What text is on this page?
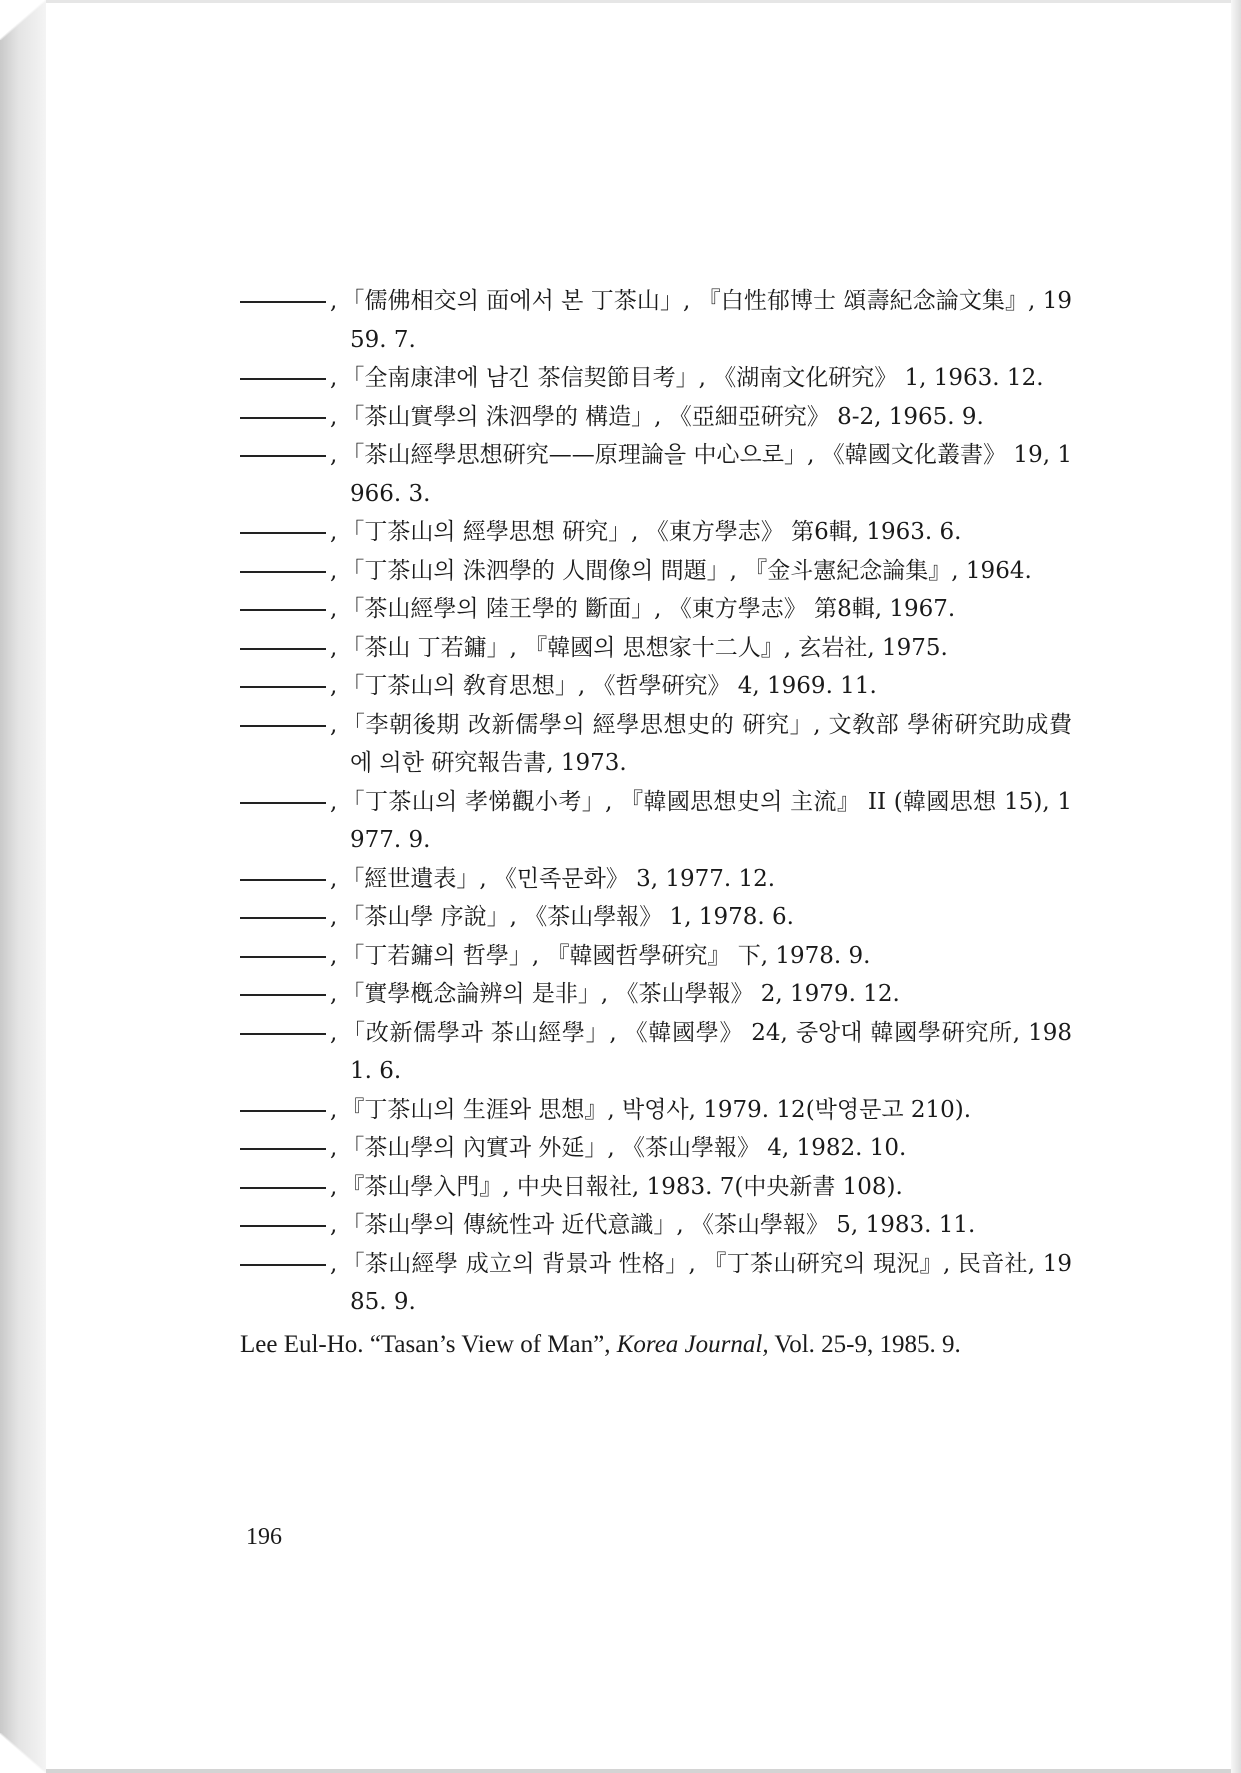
, 「儒佛相交의 面에서 본 丁茶山」, 『白性郁博士 頌壽紀念論文集』, 1959. 7.
, 「全南康津에 남긴 茶信契節目考」, 《湖南文化硏究》 1, 1963. 12.
, 「茶山實學의 洙泗學的 構造」, 《亞細亞硏究》 8-2, 1965. 9.
, 「茶山經學思想硏究——原理論을 中心으로」, 《韓國文化叢書》 19, 1966. 3.
, 「丁茶山의 經學思想 硏究」, 《東方學志》 第6輯, 1963. 6.
, 「丁茶山의 洙泗學的 人間像의 問題」, 『金斗憲紀念論集』, 1964.
, 「茶山經學의 陸王學的 斷面」, 《東方學志》 第8輯, 1967.
, 「茶山 丁若鏞」, 『韓國의 思想家十二人』, 玄岩社, 1975.
, 「丁茶山의 敎育思想」, 《哲學硏究》 4, 1969. 11.
, 「李朝後期 改新儒學의 經學思想史的 硏究」, 文敎部 學術硏究助成費에 의한 硏究報告書, 1973.
, 「丁茶山의 孝悌觀小考」, 『韓國思想史의 主流』 II (韓國思想 15), 1977. 9.
, 「經世遺表」, 《민족문화》 3, 1977. 12.
, 「茶山學 序說」, 《茶山學報》 1, 1978. 6.
, 「丁若鏞의 哲學」, 『韓國哲學硏究』 下, 1978. 9.
, 「實學槪念論辨의 是非」, 《茶山學報》 2, 1979. 12.
, 「改新儒學과 茶山經學」, 《韓國學》 24, 중앙대 韓國學硏究所, 1981. 6.
, 『丁茶山의 生涯와 思想』, 박영사, 1979. 12(박영문고 210).
, 「茶山學의 內實과 外延」, 《茶山學報》 4, 1982. 10.
, 『茶山學入門』, 中央日報社, 1983. 7(中央新書 108).
, 「茶山學의 傳統性과 近代意識」, 《茶山學報》 5, 1983. 11.
, 「茶山經學 成立의 背景과 性格」, 『丁茶山硏究의 現況』, 民音社, 1985. 9.
Lee Eul-Ho. “Tasan’s View of Man”, Korea Journal, Vol. 25-9, 1985. 9.
196
